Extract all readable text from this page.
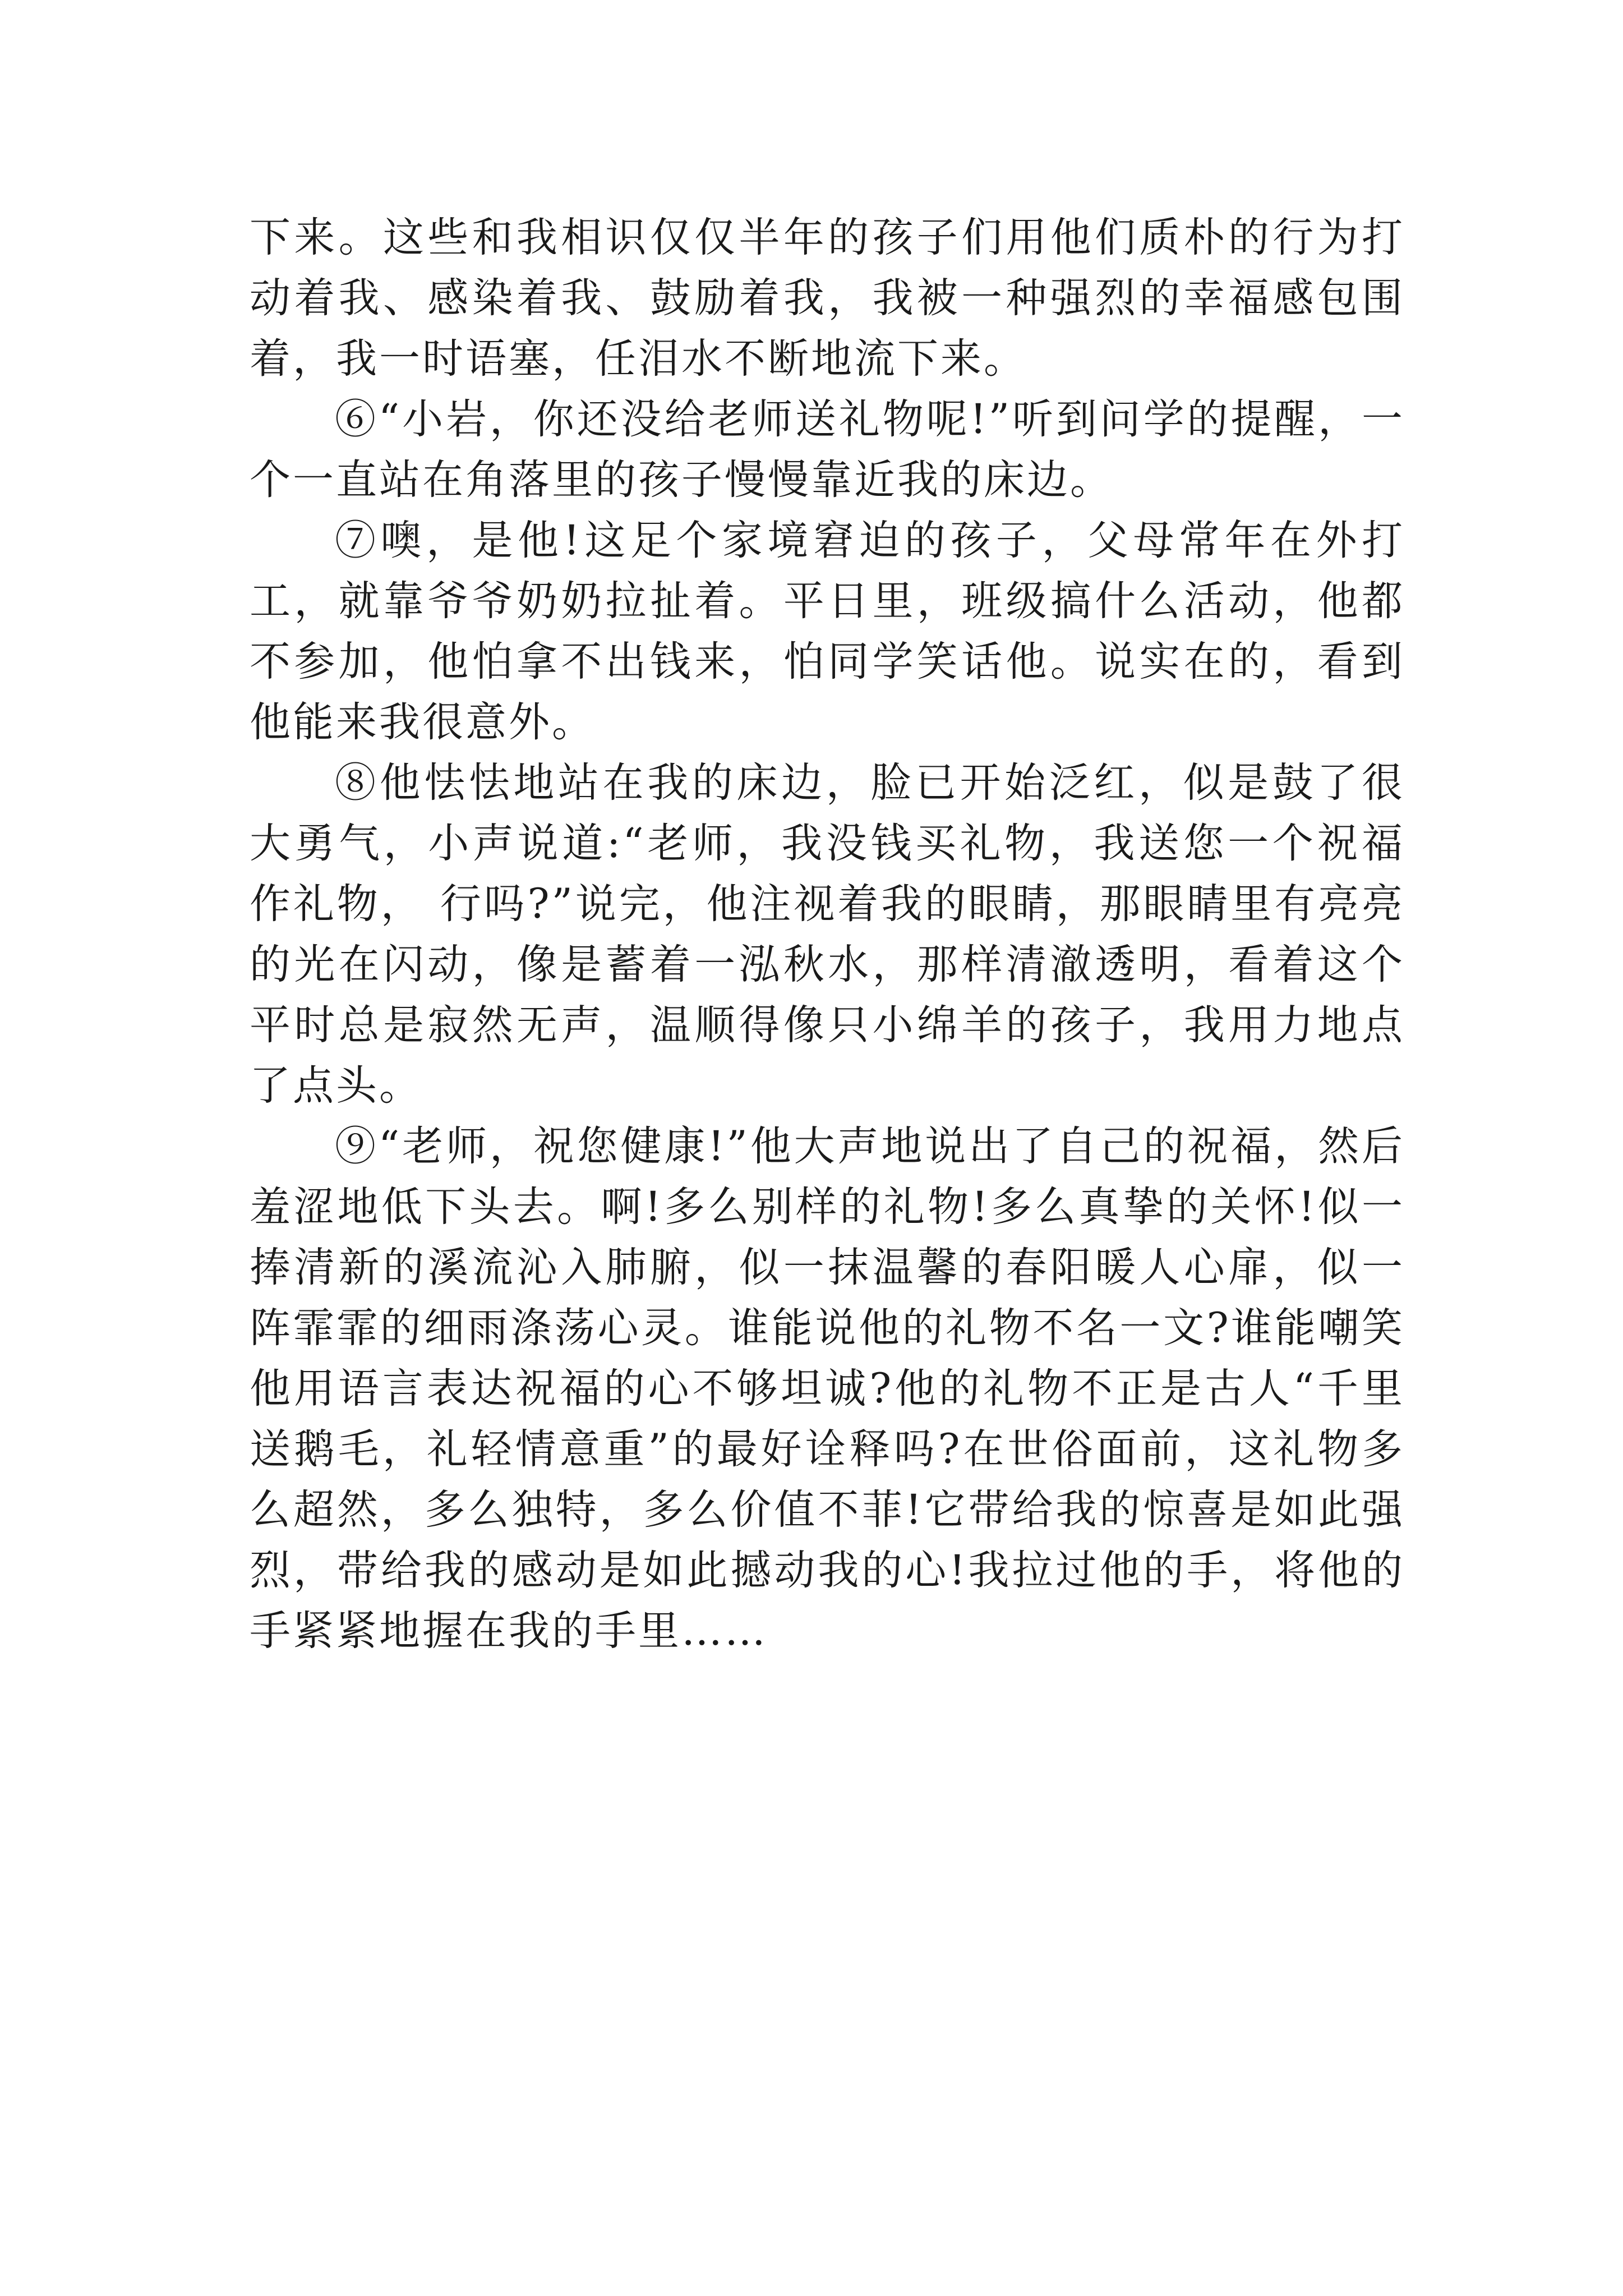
下来。这些和我相识仅仅半年的孩子们用他们质朴的行为打动着我、感染着我、鼓励着我，我被一种强烈的幸福感包围着，我一时语塞，任泪水不断地流下来。

⑥“小岩，你还没给老师送礼物呢!”听到问学的提醒，一个一直站在角落里的孩子慢慢靠近我的床边。

⑦噢，是他!这足个家境窘迫的孩子，父母常年在外打工，就靠爷爷奶奶拉扯着。平日里，班级搞什么活动，他都不参加，他怕拿不出钱来，怕同学笑话他。说实在的，看到他能来我很意外。

⑧他怯怯地站在我的床边，脸已开始泛红，似是鼓了很大勇气，小声说道:“老师，我没钱买礼物，我送您一个祝福作礼物， 行吗?”说完，他注视着我的眼睛，那眼睛里有亮亮的光在闪动，像是蓄着一泓秋水，那样清澈透明，看着这个平时总是寂然无声，温顺得像只小绵羊的孩子，我用力地点了点头。

⑨“老师，祝您健康!”他大声地说出了自己的祝福，然后羞涩地低下头去。啊!多么别样的礼物!多么真挚的关怀!似一捧清新的溪流沁入肺腑，似一抹温馨的春阳暖人心扉，似一阵霏霏的细雨涤荡心灵。谁能说他的礼物不名一文?谁能嘲笑他用语言表达祝福的心不够坦诚?他的礼物不正是古人“千里送鹅毛，礼轻情意重”的最好诠释吗?在世俗面前，这礼物多么超然，多么独特，多么价值不菲!它带给我的惊喜是如此强烈，带给我的感动是如此撼动我的心!我拉过他的手，将他的手紧紧地握在我的手里……
